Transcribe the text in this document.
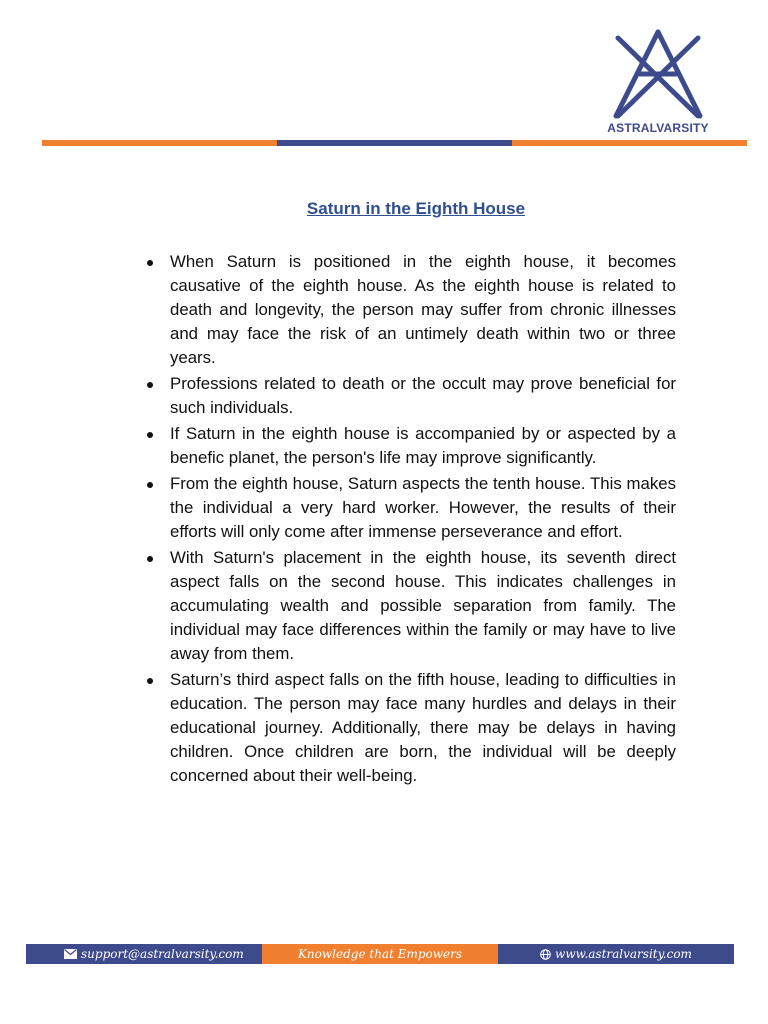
ASTRALVARSITY
Saturn in the Eighth House
When Saturn is positioned in the eighth house, it becomes causative of the eighth house. As the eighth house is related to death and longevity, the person may suffer from chronic illnesses and may face the risk of an untimely death within two or three years.
Professions related to death or the occult may prove beneficial for such individuals.
If Saturn in the eighth house is accompanied by or aspected by a benefic planet, the person's life may improve significantly.
From the eighth house, Saturn aspects the tenth house. This makes the individual a very hard worker. However, the results of their efforts will only come after immense perseverance and effort.
With Saturn's placement in the eighth house, its seventh direct aspect falls on the second house. This indicates challenges in accumulating wealth and possible separation from family. The individual may face differences within the family or may have to live away from them.
Saturn’s third aspect falls on the fifth house, leading to difficulties in education. The person may face many hurdles and delays in their educational journey. Additionally, there may be delays in having children. Once children are born, the individual will be deeply concerned about their well-being.
support@astralvarsity.com	Knowledge that Empowers	www.astralvarsity.com
